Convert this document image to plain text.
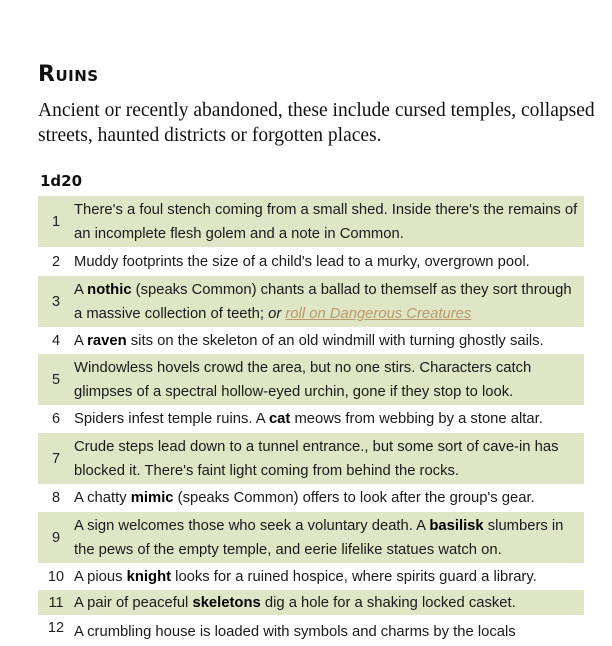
Ruins

Ancient or recently abandoned, these include cursed temples, collapsed streets, haunted districts or forgotten places.

1d20
1
There's a foul stench coming from a small shed. Inside there's the remains of an incomplete flesh golem and a note in Common.
2 Muddy footprints the size of a child's lead to a murky, overgrown pool.
3
A nothic (speaks Common) chants a ballad to themself as they sort through a massive collection of teeth; or roll on Dangerous Creatures
4 A raven sits on the skeleton of an old windmill with turning ghostly sails.
5
Windowless hovels crowd the area, but no one stirs. Characters catch glimpses of a spectral hollow-eyed urchin, gone if they stop to look.
6 Spiders infest temple ruins. A cat meows from webbing by a stone altar.
7
Crude steps lead down to a tunnel entrance., but some sort of cave-in has blocked it. There's faint light coming from behind the rocks.
8 A chatty mimic (speaks Common) offers to look after the group's gear.
9
A sign welcomes those who seek a voluntary death. A basilisk slumbers in the pews of the empty temple, and eerie lifelike statues watch on.
10 A pious knight looks for a ruined hospice, where spirits guard a library.
11 A pair of peaceful skeletons dig a hole for a shaking locked casket.
12 A crumbling house is loaded with symbols and charms by the locals
